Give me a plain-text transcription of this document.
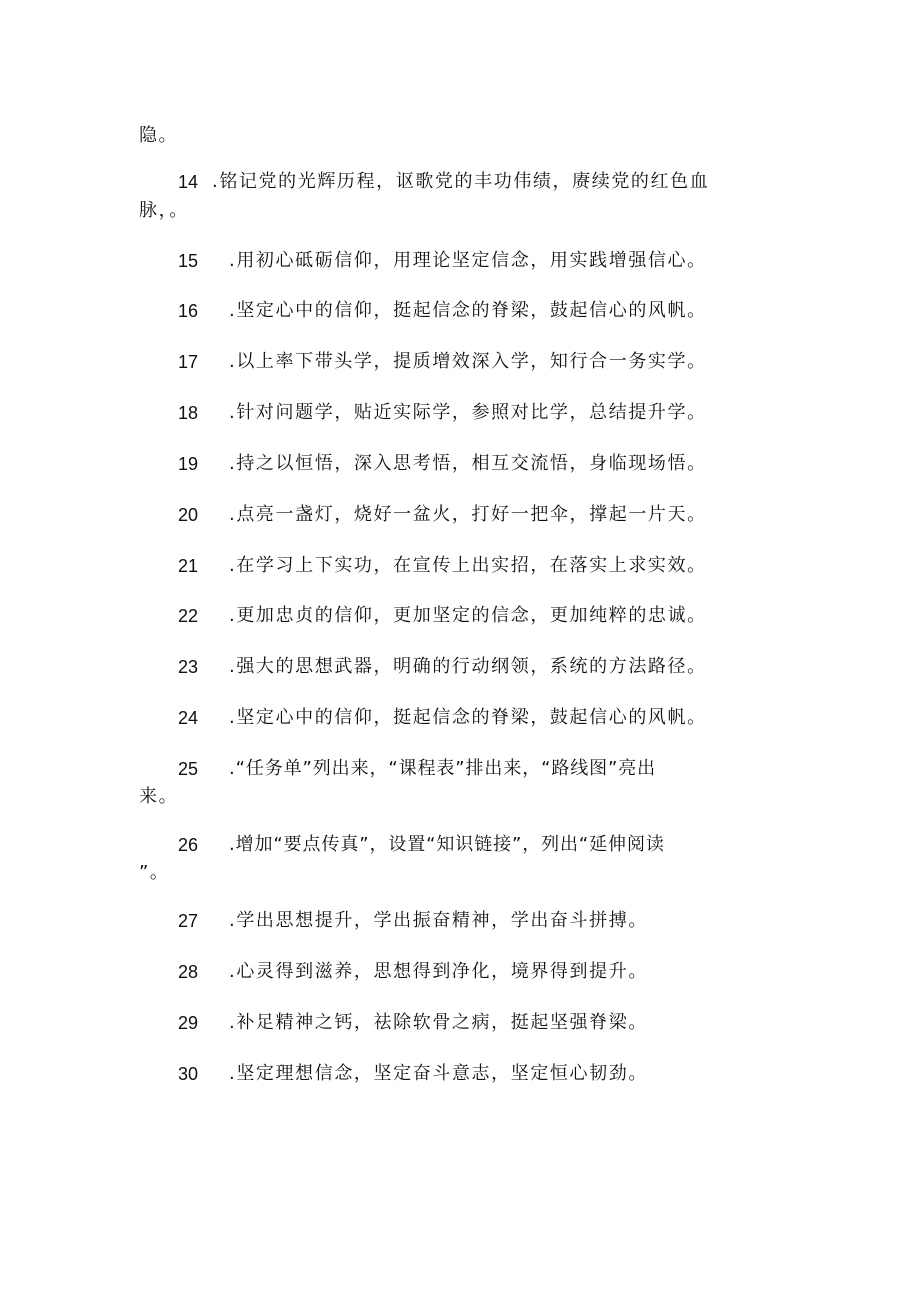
隐。
14 .铭记党的光辉历程，讴歌党的丰功伟绩，赓续党的红色血
脉，。
15 .用初心砥砺信仰，用理论坚定信念，用实践增强信心。
16 .坚定心中的信仰，挺起信念的脊梁，鼓起信心的风帆。
17 .以上率下带头学，提质增效深入学，知行合一务实学。
18 .针对问题学，贴近实际学，参照对比学，总结提升学。
19 .持之以恒悟，深入思考悟，相互交流悟，身临现场悟。
20 .点亮一盏灯，烧好一盆火，打好一把伞，撑起一片天。
21 .在学习上下实功，在宣传上出实招，在落实上求实效。
22 .更加忠贞的信仰，更加坚定的信念，更加纯粹的忠诚。
23 .强大的思想武器，明确的行动纲领，系统的方法路径。
24 .坚定心中的信仰，挺起信念的脊梁，鼓起信心的风帆。
25 .“任务单”列出来，“课程表”排出来，“路线图”亮出
来。
26 .增加“要点传真”，设置“知识链接”，列出“延伸阅读
”。
27 .学出思想提升，学出振奋精神，学出奋斗拼搏。
28 .心灵得到滋养，思想得到净化，境界得到提升。
29 .补足精神之钙，祛除软骨之病，挺起坚强脊梁。
30 .坚定理想信念，坚定奋斗意志，坚定恒心韧劲。
